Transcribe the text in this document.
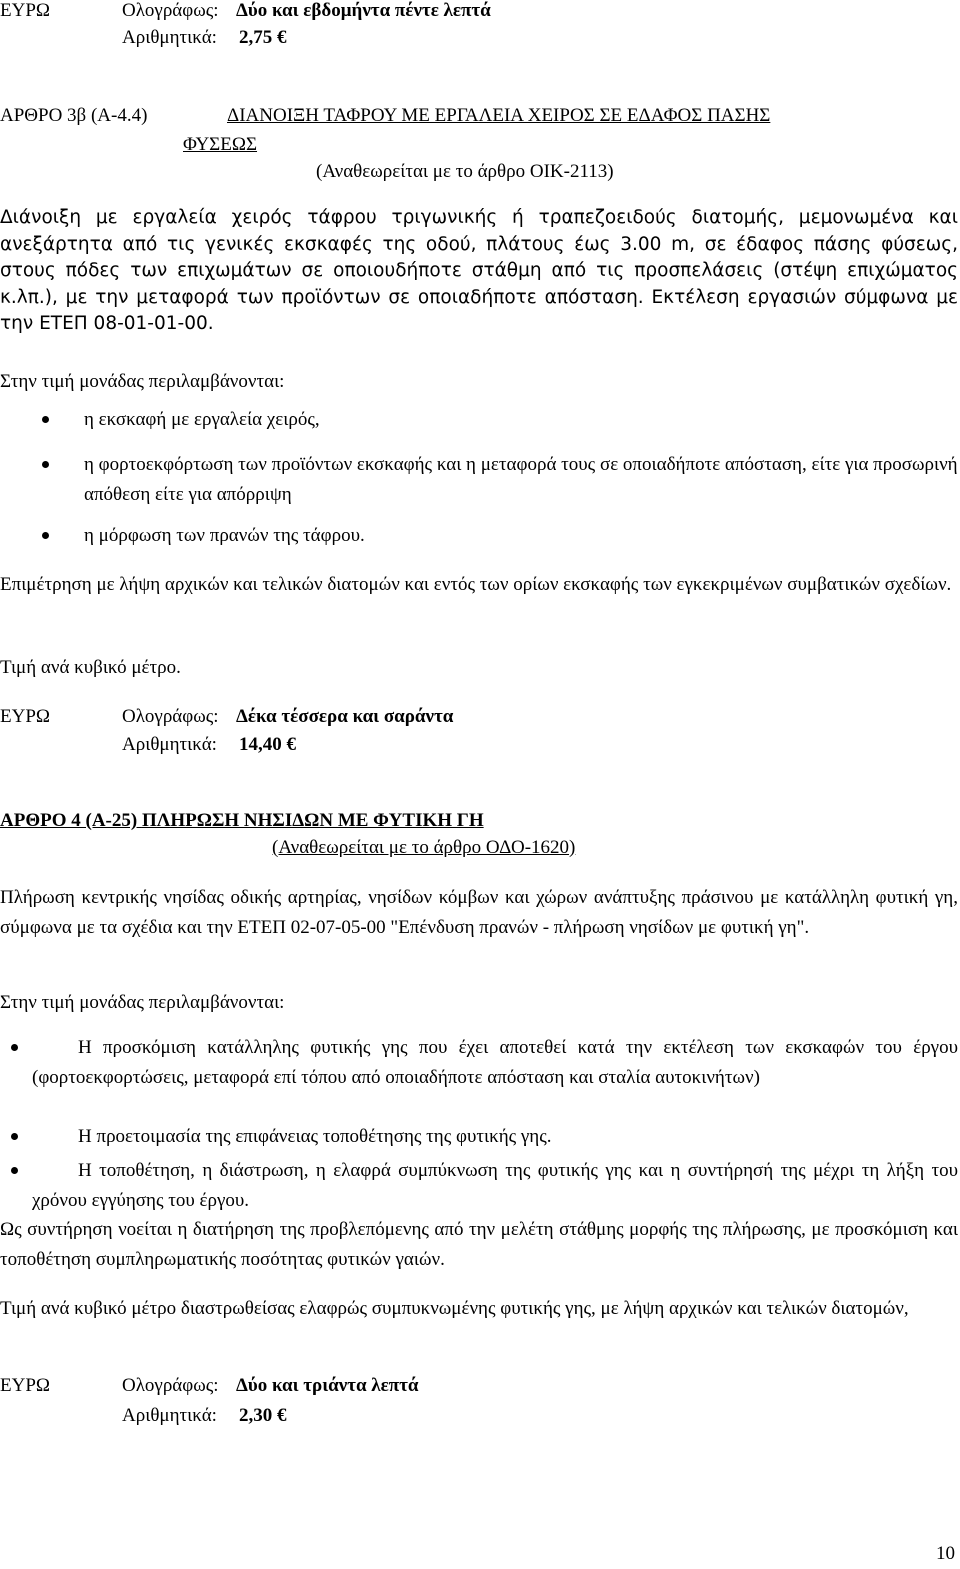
ΕΥΡΩ	Ολογράφως: Δύο και εβδομήντα πέντε λεπτά
Αριθμητικά: 2,75 €
ΑΡΘΡΟ 3β (Α-4.4)	ΔΙΑΝΟΙΞΗ ΤΑΦΡΟΥ ΜΕ ΕΡΓΑΛΕΙΑ ΧΕΙΡΟΣ ΣΕ ΕΔΑΦΟΣ ΠΑΣΗΣ
ΦΥΣΕΩΣ
(Αναθεωρείται με το άρθρο ΟΙΚ-2113)
Διάνοιξη με εργαλεία χειρός τάφρου τριγωνικής ή τραπεζοειδούς διατομής, μεμονωμένα και ανεξάρτητα από τις γενικές εκσκαφές της οδού, πλάτους έως 3.00 m, σε έδαφος πάσης φύσεως, στους πόδες των επιχωμάτων σε οποιουδήποτε στάθμη από τις προσπελάσεις (στέψη επιχώματος κ.λπ.), με την μεταφορά των προϊόντων σε οποιαδήποτε απόσταση. Εκτέλεση εργασιών σύμφωνα με την ΕΤΕΠ 08-01-01-00.
Στην τιμή μονάδας περιλαμβάνονται:
η εκσκαφή με εργαλεία χειρός,
η φορτοεκφόρτωση των προϊόντων εκσκαφής και η μεταφορά τους σε οποιαδήποτε απόσταση, είτε για προσωρινή απόθεση είτε για απόρριψη
η μόρφωση των πρανών της τάφρου.
Επιμέτρηση με λήψη αρχικών και τελικών διατομών και εντός των ορίων εκσκαφής των εγκεκριμένων συμβατικών σχεδίων.
Τιμή ανά κυβικό μέτρο.
ΕΥΡΩ	Ολογράφως: Δέκα τέσσερα και σαράντα
Αριθμητικά: 14,40 €
ΑΡΘΡΟ 4 (Α-25) ΠΛΗΡΩΣΗ ΝΗΣΙΔΩΝ ΜΕ ΦΥΤΙΚΗ ΓΗ
(Αναθεωρείται με το άρθρο ΟΔΟ-1620)
Πλήρωση κεντρικής νησίδας οδικής αρτηρίας, νησίδων κόμβων και χώρων ανάπτυξης πράσινου με κατάλληλη φυτική γη, σύμφωνα με τα σχέδια και την ΕΤΕΠ 02-07-05-00 "Επένδυση πρανών - πλήρωση νησίδων με φυτική γη".
Στην τιμή μονάδας περιλαμβάνονται:
Η προσκόμιση κατάλληλης φυτικής γης που έχει αποτεθεί κατά την εκτέλεση των εκσκαφών του έργου (φορτοεκφορτώσεις, μεταφορά επί τόπου από οποιαδήποτε απόσταση και σταλία αυτοκινήτων)
Η προετοιμασία της επιφάνειας τοποθέτησης της φυτικής γης.
Η τοποθέτηση, η διάστρωση, η ελαφρά συμπύκνωση της φυτικής γης και η συντήρησή της μέχρι τη λήξη του χρόνου εγγύησης του έργου.
Ως συντήρηση νοείται η διατήρηση της προβλεπόμενης από την μελέτη στάθμης μορφής της πλήρωσης, με προσκόμιση και τοποθέτηση συμπληρωματικής ποσότητας φυτικών γαιών.
Τιμή ανά κυβικό μέτρο διαστρωθείσας ελαφρώς συμπυκνωμένης φυτικής γης, με λήψη αρχικών και τελικών διατομών,
ΕΥΡΩ	Ολογράφως: Δύο και τριάντα λεπτά
Αριθμητικά: 2,30 €
10
